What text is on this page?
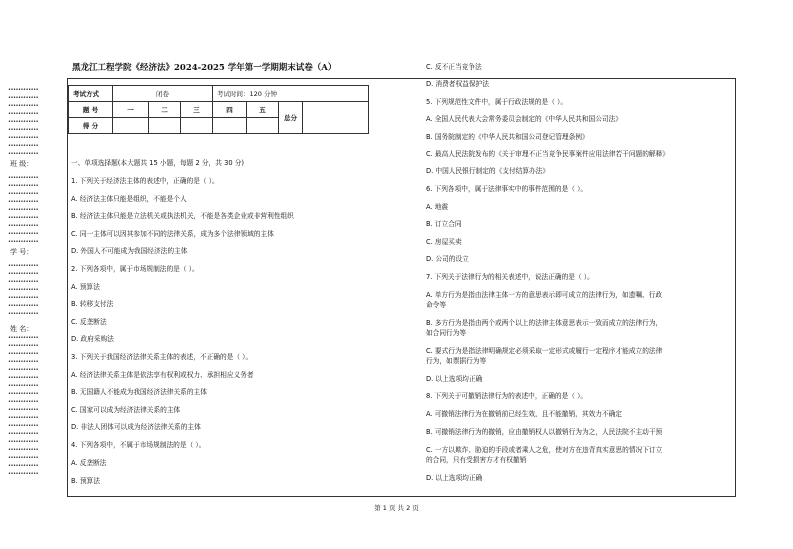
••••••••••••
••••••••••••
••••••••••••
••••••••••••
••••••••••••
••••••••••••
••••••••••••
••••••••••••
••••••••••••

••••••••••••
••••••••••••
••••••••••••
••••••••••••
••••••••••••
••••••••••••
••••••••••••
••••••••••••
••••••••••••

••••••••••••
••••••••••••
••••••••••••
••••••••••••
••••••••••••
••••••••••••
••••••••••••

••••••••••••
••••••••••••
••••••••••••
••••••••••••
••••••••••••
••••••••••••
••••••••••••
••••••••••••
••••••••••••
••••••••••••
••••••••••••
••••••••••••
••••••••••••
••••••••••••
••••••••••••
••••••••••••
••••••••••••
••••••••••••
班 级：
学 号：
姓 名：
黑龙江工程学院《经济法》2024-2025 学年第一学期期末试卷（A）
考试方式	闭卷			考试时间：120 分钟			
题 号	一	二	三	四	五	总分	
得 分							
一、单项选择题(本大题共 15 小题，每题 2 分，共 30 分)
1. 下列关于经济法主体的表述中，正确的是（ ）。
A. 经济法主体只能是组织，不能是个人
B. 经济法主体只能是立法机关或执法机关，不能是各类企业或非营利性组织
C. 同一主体可以因其参加不同的法律关系，成为多个法律领域的主体
D. 外国人不可能成为我国经济法的主体
2. 下列各项中，属于市场规制法的是（ ）。
A. 预算法
B. 转移支付法
C. 反垄断法
D. 政府采购法
3. 下列关于我国经济法律关系主体的表述，不正确的是（ ）。
A. 经济法律关系主体是依法享有权利或权力、承担相应义务者
B. 无国籍人不能成为我国经济法律关系的主体
C. 国家可以成为经济法律关系的主体
D. 非法人团体可以成为经济法律关系的主体
4. 下列各项中，不属于市场规制法的是（ ）。
A. 反垄断法
B. 预算法
C. 反不正当竞争法
D. 消费者权益保护法
5. 下列规范性文件中，属于行政法规的是（ ）。
A. 全国人民代表大会常务委员会制定的《中华人民共和国公司法》
B. 国务院制定的《中华人民共和国公司登记管理条例》
C. 最高人民法院发布的《关于审理不正当竞争民事案件应用法律若干问题的解释》
D. 中国人民银行制定的《支付结算办法》
6. 下列各项中，属于法律事实中的事件范围的是（ ）。
A. 地震
B. 订立合同
C. 房屋买卖
D. 公司的设立
7. 下列关于法律行为的相关表述中，说法正确的是（ ）。
A. 单方行为是指由法律主体一方的意思表示即可成立的法律行为，如遗嘱、行政
命令等
B. 多方行为是指由两个或两个以上的法律主体意思表示一致而成立的法律行为，
如合同行为等
C. 要式行为是指法律明确规定必须采取一定形式或履行一定程序才能成立的法律
行为，如票据行为等
D. 以上选项均正确
8. 下列关于可撤销法律行为的表述中，正确的是（ ）。
A. 可撤销法律行为在撤销前已经生效，且不能撤销，其效力不确定
B. 可撤销法律行为的撤销，应由撤销权人以撤销行为为之，人民法院不主动干预
C. 一方以欺诈、胁迫的手段或者乘人之危，使对方在违背真实意思的情况下订立
的合同，只有受损害方才有权撤销
D. 以上选项均正确
第 1 页 共 2 页
